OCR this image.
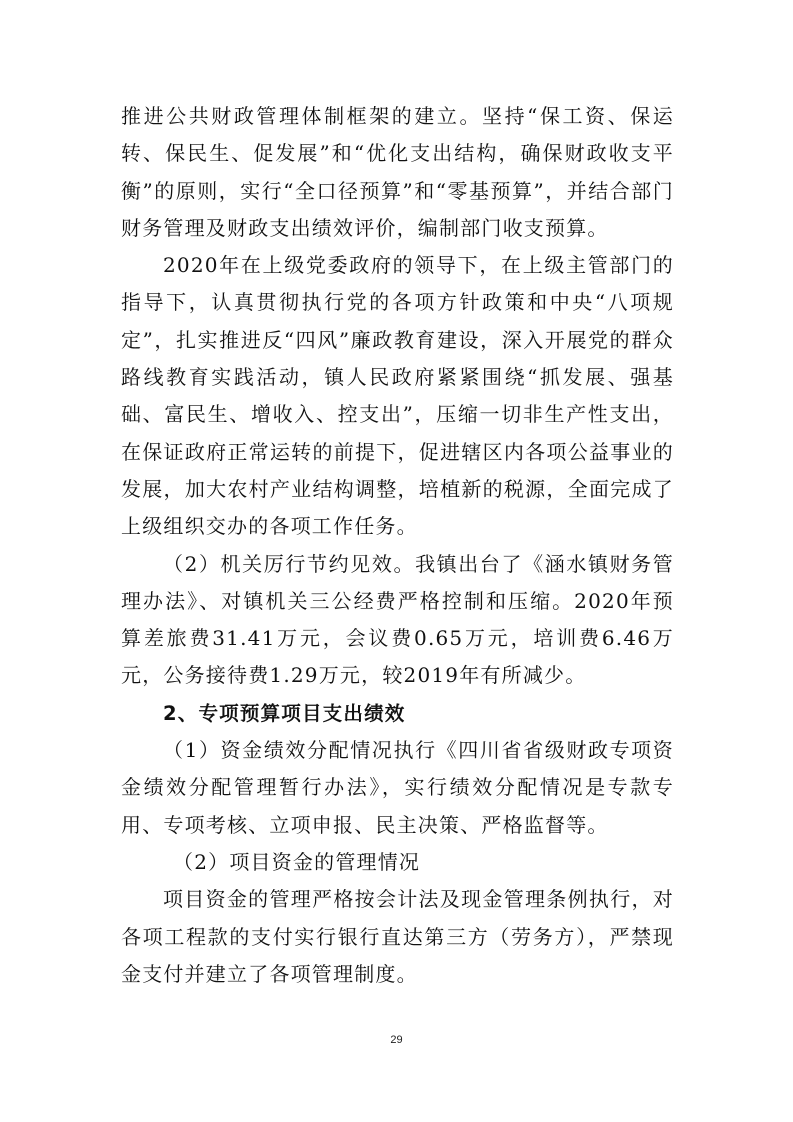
推进公共财政管理体制框架的建立。坚持“保工资、保运转、保民生、促发展”和“优化支出结构，确保财政收支平衡”的原则，实行“全口径预算”和“零基预算”，并结合部门财务管理及财政支出绩效评价，编制部门收支预算。

2020年在上级党委政府的领导下，在上级主管部门的指导下，认真贯彻执行党的各项方针政策和中央“八项规定”，扎实推进反“四风”廉政教育建设，深入开展党的群众路线教育实践活动，镇人民政府紧紧围绕“抓发展、强基础、富民生、增收入、控支出”，压缩一切非生产性支出，在保证政府正常运转的前提下，促进辖区内各项公益事业的发展，加大农村产业结构调整，培植新的税源，全面完成了上级组织交办的各项工作任务。

（2）机关厉行节约见效。我镇出台了《涵水镇财务管理办法》、对镇机关三公经费严格控制和压缩。2020年预算差旅费31.41万元，会议费0.65万元，培训费6.46万元，公务接待费1.29万元，较2019年有所减少。

2、专项预算项目支出绩效

（1）资金绩效分配情况执行《四川省省级财政专项资金绩效分配管理暂行办法》，实行绩效分配情况是专款专用、专项考核、立项申报、民主决策、严格监督等。

（2）项目资金的管理情况

项目资金的管理严格按会计法及现金管理条例执行，对各项工程款的支付实行银行直达第三方（劳务方），严禁现金支付并建立了各项管理制度。

29
